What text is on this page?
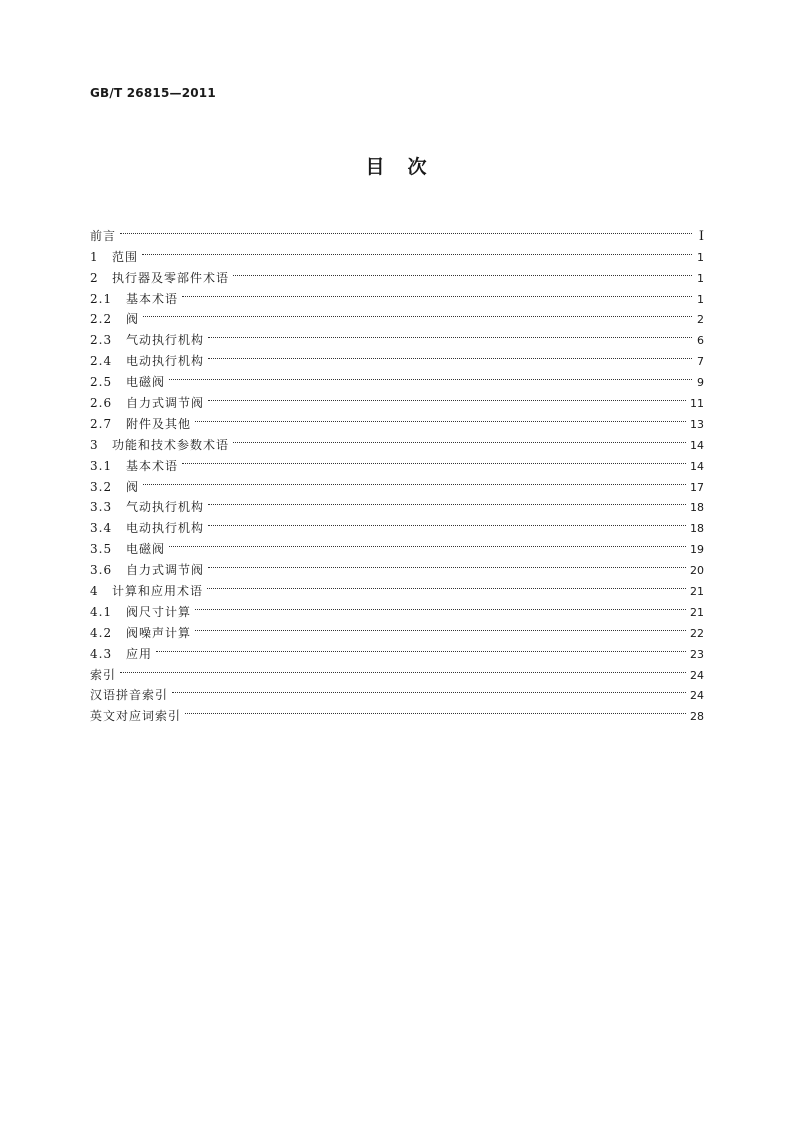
GB/T 26815—2011
目　次
前言	Ⅰ
1	范围	1
2	执行器及零部件术语	1
2.1	基本术语	1
2.2	阀	2
2.3	气动执行机构	6
2.4	电动执行机构	7
2.5	电磁阀	9
2.6	自力式调节阀	11
2.7	附件及其他	13
3	功能和技术参数术语	14
3.1	基本术语	14
3.2	阀	17
3.3	气动执行机构	18
3.4	电动执行机构	18
3.5	电磁阀	19
3.6	自力式调节阀	20
4	计算和应用术语	21
4.1	阀尺寸计算	21
4.2	阀噪声计算	22
4.3	应用	23
索引	24
汉语拼音索引	24
英文对应词索引	28
